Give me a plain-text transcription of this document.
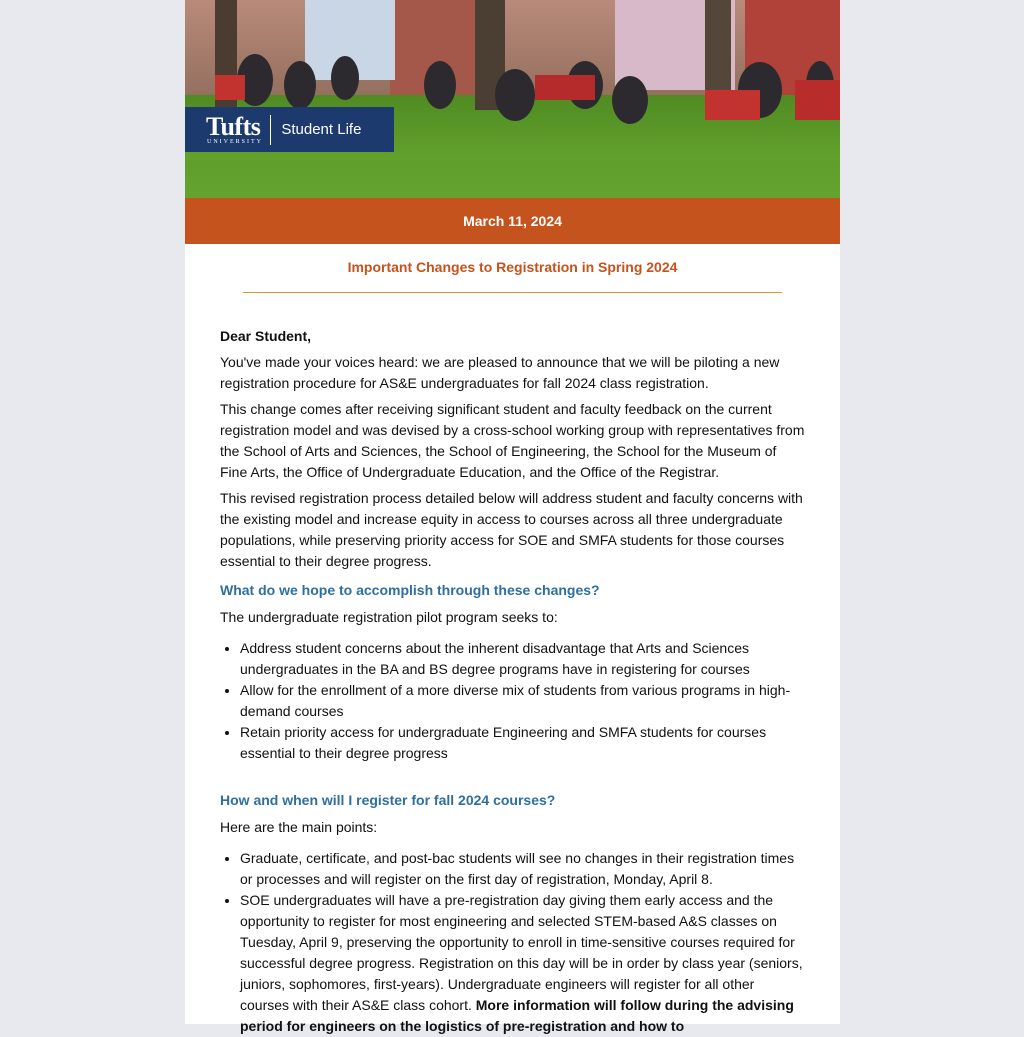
Tufts
UNIVERSITY
Student Life
March 11, 2024
Important Changes to Registration in Spring 2024

Dear Student,

You've made your voices heard: we are pleased to announce that we will be piloting a new registration procedure for AS&E undergraduates for fall 2024 class registration.

This change comes after receiving significant student and faculty feedback on the current registration model and was devised by a cross-school working group with representatives from the School of Arts and Sciences, the School of Engineering, the School for the Museum of Fine Arts, the Office of Undergraduate Education, and the Office of the Registrar.

This revised registration process detailed below will address student and faculty concerns with the existing model and increase equity in access to courses across all three undergraduate populations, while preserving priority access for SOE and SMFA students for those courses essential to their degree progress.

What do we hope to accomplish through these changes?

The undergraduate registration pilot program seeks to:

• Address student concerns about the inherent disadvantage that Arts and Sciences undergraduates in the BA and BS degree programs have in registering for courses
• Allow for the enrollment of a more diverse mix of students from various programs in high-demand courses
• Retain priority access for undergraduate Engineering and SMFA students for courses essential to their degree progress
How and when will I register for fall 2024 courses?

Here are the main points:

• Graduate, certificate, and post-bac students will see no changes in their registration times or processes and will register on the first day of registration, Monday, April 8.
• SOE undergraduates will have a pre-registration day giving them early access and the opportunity to register for most engineering and selected STEM-based A&S classes on Tuesday, April 9, preserving the opportunity to enroll in time-sensitive courses required for successful degree progress. Registration on this day will be in order by class year (seniors, juniors, sophomores, first-years). Undergraduate engineers will register for all other courses with their AS&E class cohort. More information will follow during the advising period for engineers on the logistics of pre-registration and how to
